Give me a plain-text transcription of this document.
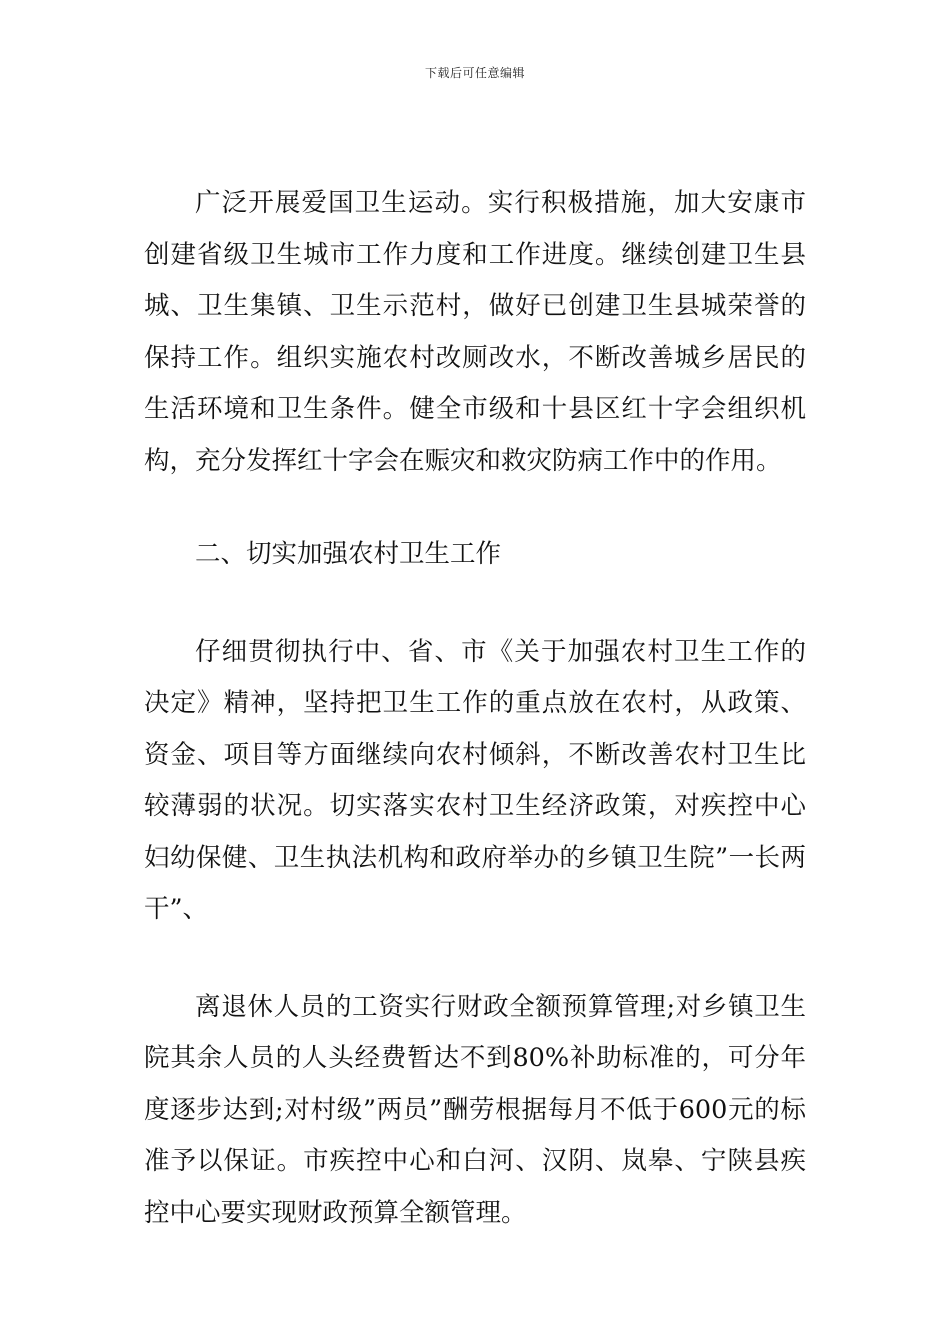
下载后可任意编辑

广泛开展爱国卫生运动。实行积极措施，加大安康市创建省级卫生城市工作力度和工作进度。继续创建卫生县城、卫生集镇、卫生示范村，做好已创建卫生县城荣誉的保持工作。组织实施农村改厕改水，不断改善城乡居民的生活环境和卫生条件。健全市级和十县区红十字会组织机构，充分发挥红十字会在赈灾和救灾防病工作中的作用。

二、切实加强农村卫生工作

仔细贯彻执行中、省、市《关于加强农村卫生工作的决定》精神，坚持把卫生工作的重点放在农村，从政策、资金、项目等方面继续向农村倾斜，不断改善农村卫生比较薄弱的状况。切实落实农村卫生经济政策，对疾控中心妇幼保健、卫生执法机构和政府举办的乡镇卫生院”一长两干”、

离退休人员的工资实行财政全额预算管理;对乡镇卫生院其余人员的人头经费暂达不到80%补助标准的，可分年度逐步达到;对村级”两员”酬劳根据每月不低于600元的标准予以保证。市疾控中心和白河、汉阴、岚皋、宁陕县疾控中心要实现财政预算全额管理。
